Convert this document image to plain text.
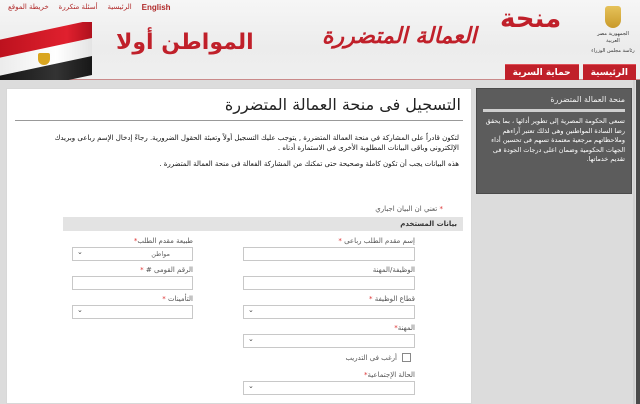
خريطة الموقع أسئلة متكررة الرئيسية English
المواطن أولا
منحة
العمالة المتضررة	الجمهورية مصر العربية
رئاسة مجلس الوزراء
الرئيسية
حماية السرية
منحة العمالة المتضررة

تسعى الحكومة المصرية إلى تطوير أدائها ، بما يحقق رضا السادة المواطنين وهى لذلك تعتبر آراءهم وملاحظاتهم مرجعية معتمدة تسهم فى تحسين أداء الجهات الحكومية وضمان اعلى درجات الجودة فى تقديم خدماتها.

التسجيل فى منحة العمالة المتضررة

لتكون قادراً على المشاركة في منحة العمالة المتضررة , يتوجب عليك التسجيل أولاً وتعبئة الحقول الضرورية. رجاءً إدخال الإسم رباعى وبريدك الإلكترونى وباقى البيانات المطلوبة الأخرى فى الاستمارة أدناه .

هذه البيانات يجب أن تكون كاملة وصحيحة حتى تمكنك من المشاركة الفعالة فى منحة العمالة المتضررة .

* تعني ان البيان اجباري
بيانات المستخدم
إسم مقدم الطلب رباعى *
طبيعة مقدم الطلب*
مواطن
⌄
الوظيفة/المهنة
الرقم القومى # *
قطاع الوظيفة *
⌄
التأمينات *
⌄
المهنة*
⌄
أرغب فى التدريب
الحالة الإجتماعية*
⌄
